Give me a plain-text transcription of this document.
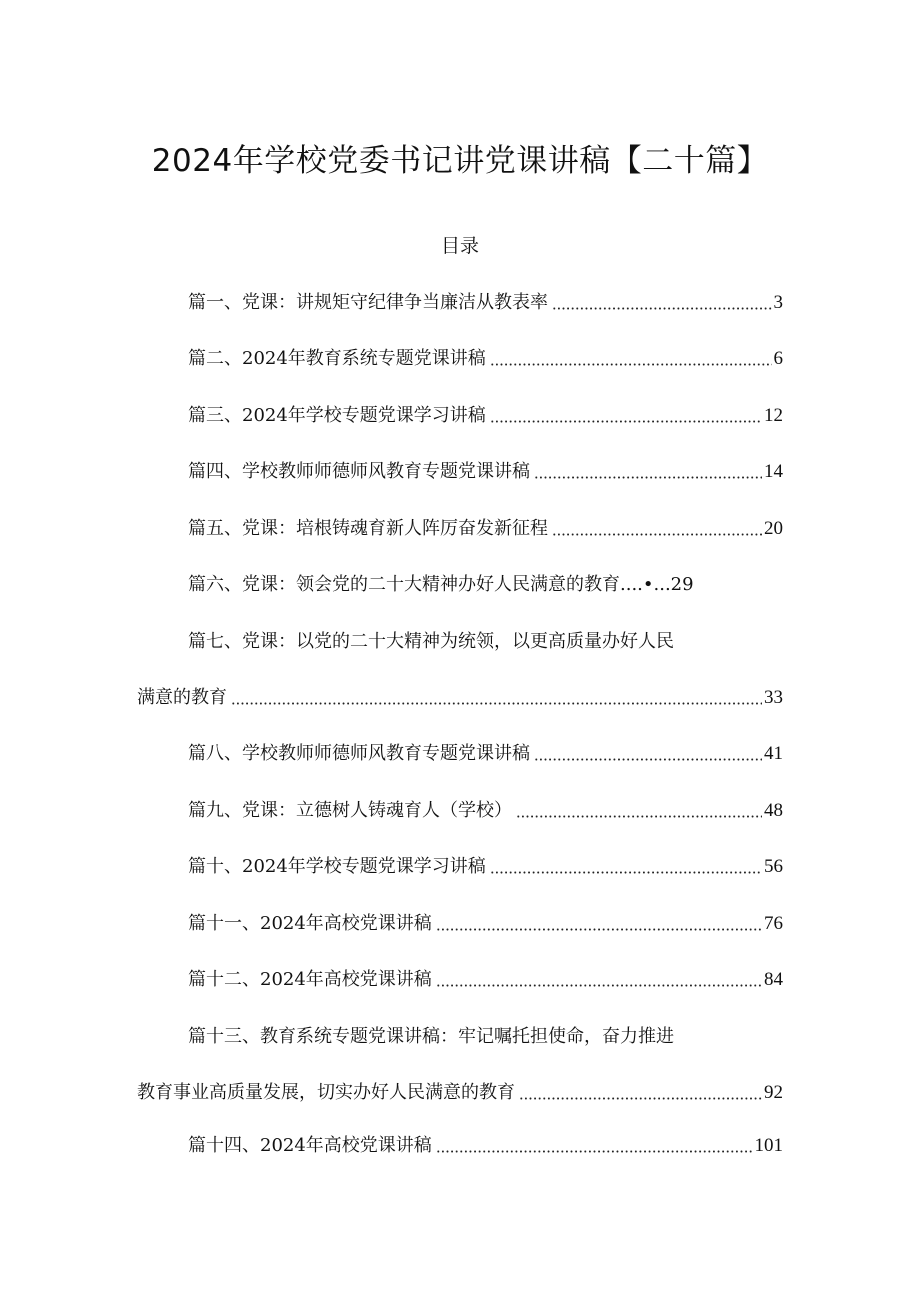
2024年学校党委书记讲党课讲稿【二十篇】
目录
篇一、党课：讲规矩守纪律争当廉洁从教表率	3
篇二、2024年教育系统专题党课讲稿	6
篇三、2024年学校专题党课学习讲稿	12
篇四、学校教师师德师风教育专题党课讲稿	14
篇五、党课：培根铸魂育新人阵厉奋发新征程	20
篇六、党课：领会党的二十大精神办好人民满意的教育....•...29
篇七、党课：以党的二十大精神为统领，以更高质量办好人民
满意的教育	33
篇八、学校教师师德师风教育专题党课讲稿	41
篇九、党课：立德树人铸魂育人（学校）	48
篇十、2024年学校专题党课学习讲稿	56
篇十一、2024年高校党课讲稿	76
篇十二、2024年高校党课讲稿	84
篇十三、教育系统专题党课讲稿：牢记嘱托担使命，奋力推进
教育事业高质量发展，切实办好人民满意的教育	92
篇十四、2024年高校党课讲稿	101
